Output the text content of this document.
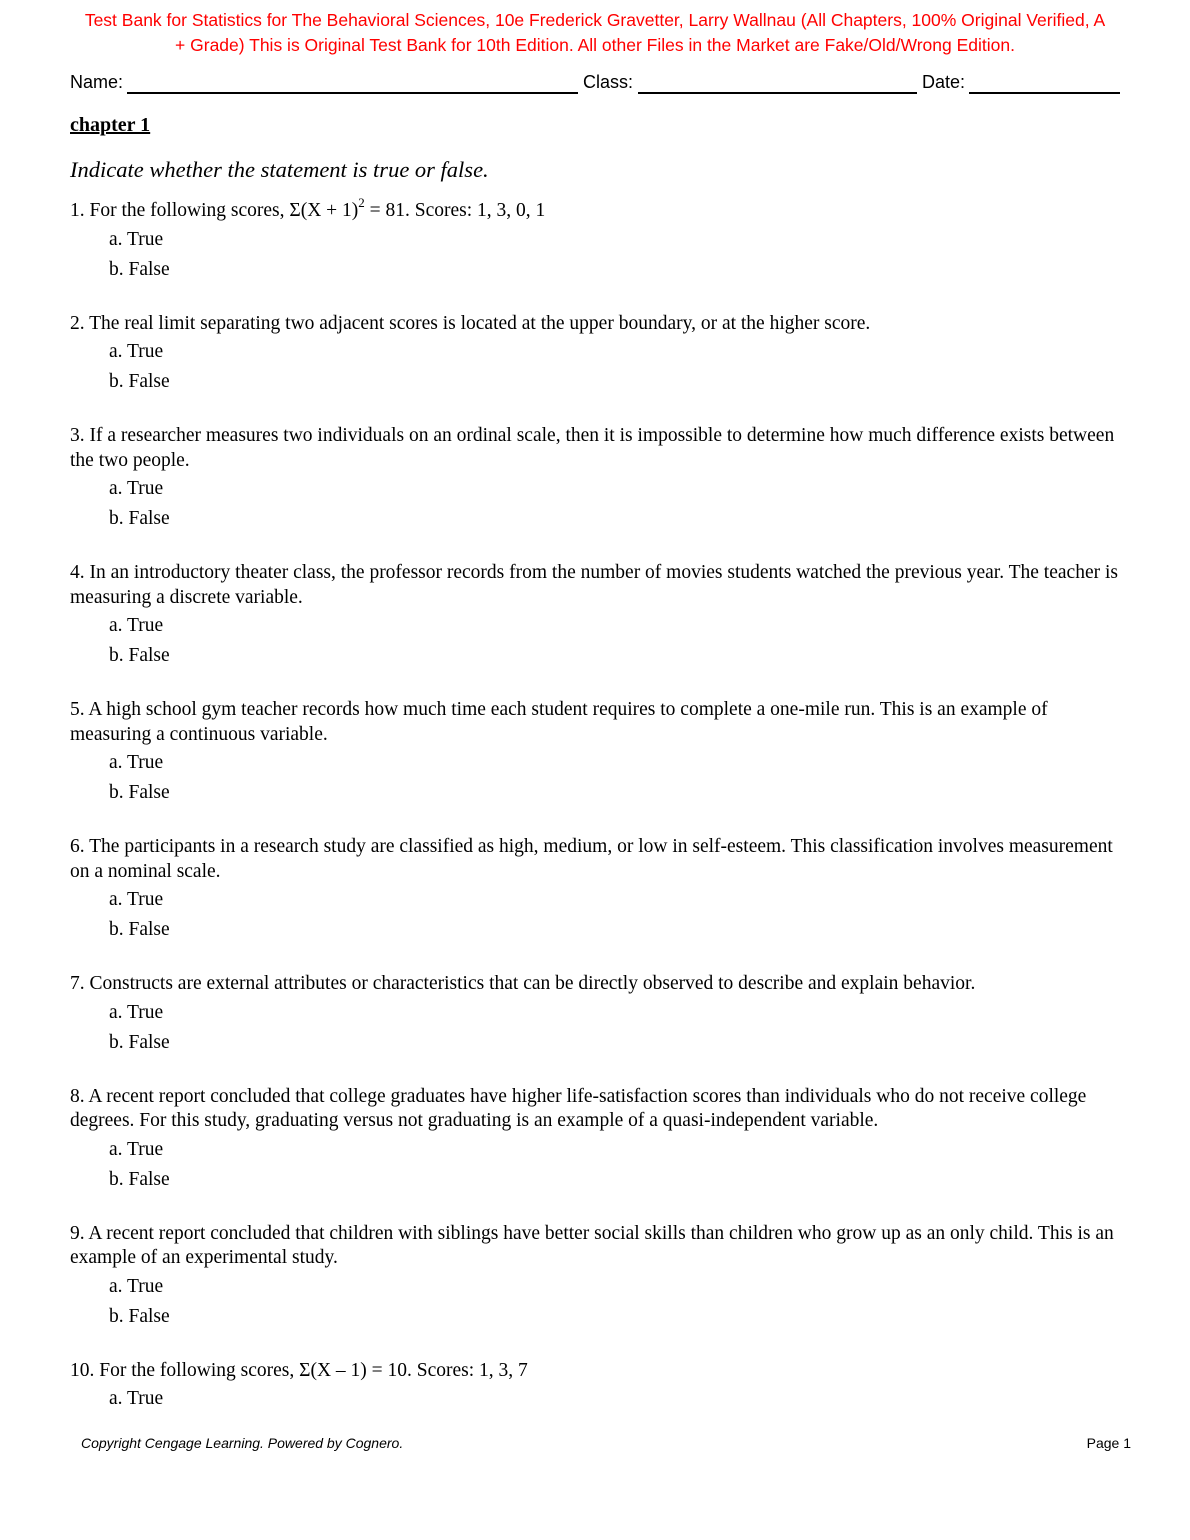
Test Bank for Statistics for The Behavioral Sciences, 10e Frederick Gravetter, Larry Wallnau (All Chapters, 100% Original Verified, A
+ Grade) This is Original Test Bank for 10th Edition. All other Files in the Market are Fake/Old/Wrong Edition.
Name:	Class:	Date:
chapter 1
Indicate whether the statement is true or false.

1. For the following scores, $\Sigma(X + 1)^2 = 81$. Scores: 1, 3, 0, 1

a. True
b. False

2. The real limit separating two adjacent scores is located at the upper boundary, or at the higher score.

a. True
b. False

3. If a researcher measures two individuals on an ordinal scale, then it is impossible to determine how much difference exists between the two people.

a. True
b. False

4. In an introductory theater class, the professor records from the number of movies students watched the previous year. The teacher is measuring a discrete variable.

a. True
b. False

5. A high school gym teacher records how much time each student requires to complete a one-mile run. This is an example of measuring a continuous variable.

a. True
b. False

6. The participants in a research study are classified as high, medium, or low in self-esteem. This classification involves measurement on a nominal scale.

a. True
b. False

7. Constructs are external attributes or characteristics that can be directly observed to describe and explain behavior.

a. True
b. False

8. A recent report concluded that college graduates have higher life-satisfaction scores than individuals who do not receive college degrees. For this study, graduating versus not graduating is an example of a quasi-independent variable.

a. True
b. False

9. A recent report concluded that children with siblings have better social skills than children who grow up as an only child. This is an example of an experimental study.

a. True
b. False

10. For the following scores, Σ(X – 1) = 10. Scores: 1, 3, 7

a. True
Copyright Cengage Learning. Powered by Cognero.	Page 1
